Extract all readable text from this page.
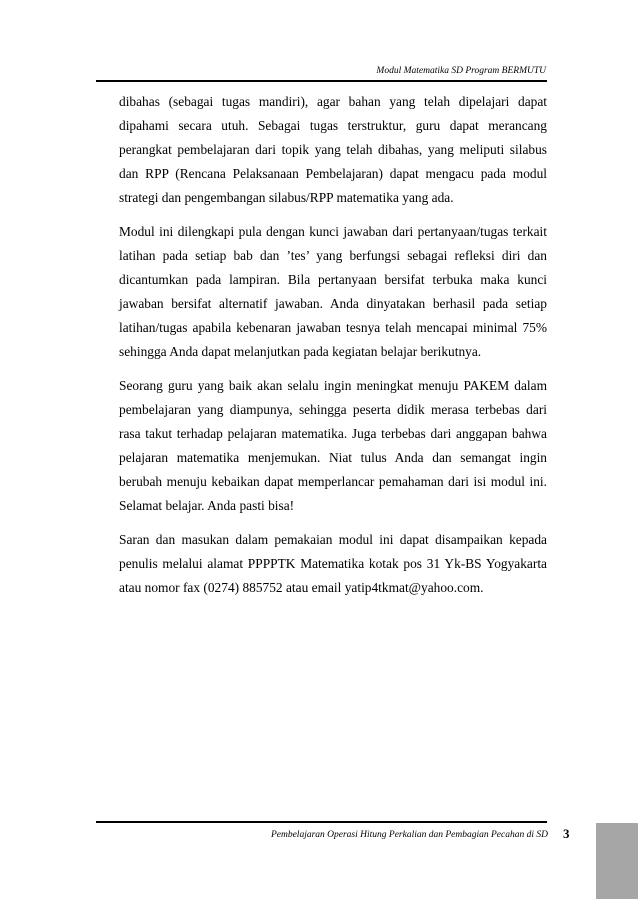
Modul Matematika SD Program BERMUTU

dibahas (sebagai tugas mandiri), agar bahan yang telah dipelajari dapat dipahami secara utuh. Sebagai tugas terstruktur, guru dapat merancang perangkat pembelajaran dari topik yang telah dibahas, yang meliputi silabus dan RPP (Rencana Pelaksanaan Pembelajaran) dapat mengacu pada modul strategi dan pengembangan silabus/RPP matematika yang ada.

Modul ini dilengkapi pula dengan kunci jawaban dari pertanyaan/tugas terkait latihan pada setiap bab dan ’tes’ yang berfungsi sebagai refleksi diri dan dicantumkan pada lampiran. Bila pertanyaan bersifat terbuka maka kunci jawaban bersifat alternatif jawaban. Anda dinyatakan berhasil pada setiap latihan/tugas apabila kebenaran jawaban tesnya telah mencapai minimal 75% sehingga Anda dapat melanjutkan pada kegiatan belajar berikutnya.

Seorang guru yang baik akan selalu ingin meningkat menuju PAKEM dalam pembelajaran yang diampunya, sehingga peserta didik merasa terbebas dari rasa takut terhadap pelajaran matematika. Juga terbebas dari anggapan bahwa pelajaran matematika menjemukan. Niat tulus Anda dan semangat ingin berubah menuju kebaikan dapat memperlancar pemahaman dari isi modul ini. Selamat belajar. Anda pasti bisa!

Saran dan masukan dalam pemakaian modul ini dapat disampaikan kepada penulis melalui alamat PPPPTK Matematika kotak pos 31 Yk-BS Yogyakarta atau nomor fax (0274) 885752 atau email yatip4tkmat@yahoo.com.

Pembelajaran Operasi Hitung Perkalian dan Pembagian Pecahan di SD 3
